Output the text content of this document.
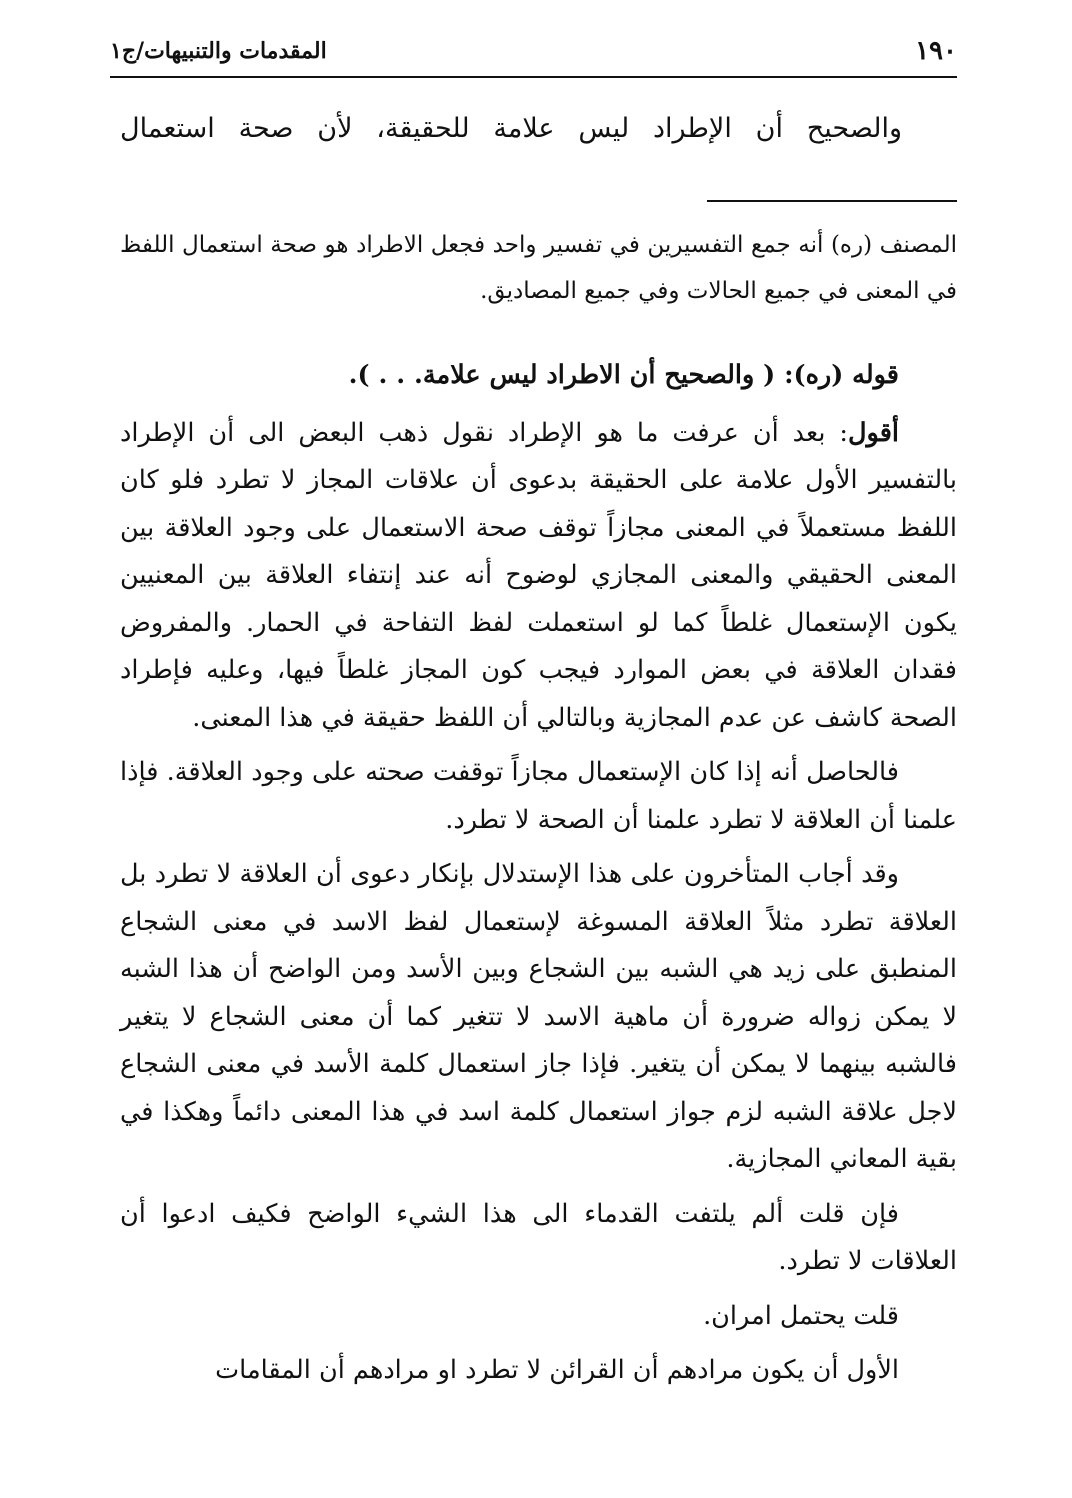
١٩٠
المقدمات والتنبيهات/ج١
والصحيح أن الإطراد ليس علامة للحقيقة، لأن صحة استعمال
المصنف (ره) أنه جمع التفسيرين في تفسير واحد فجعل الاطراد هو صحة استعمال اللفظ في المعنى في جميع الحالات وفي جميع المصاديق.

قوله (ره): ( والصحيح أن الاطراد ليس علامة. . . ).

أقول: بعد أن عرفت ما هو الإطراد نقول ذهب البعض الى أن الإطراد بالتفسير الأول علامة على الحقيقة بدعوى أن علاقات المجاز لا تطرد فلو كان اللفظ مستعملاً في المعنى مجازاً توقف صحة الاستعمال على وجود العلاقة بين المعنى الحقيقي والمعنى المجازي لوضوح أنه عند إنتفاء العلاقة بين المعنيين يكون الإستعمال غلطاً كما لو استعملت لفظ التفاحة في الحمار. والمفروض فقدان العلاقة في بعض الموارد فيجب كون المجاز غلطاً فيها، وعليه فإطراد الصحة كاشف عن عدم المجازية وبالتالي أن اللفظ حقيقة في هذا المعنى.

فالحاصل أنه إذا كان الإستعمال مجازاً توقفت صحته على وجود العلاقة. فإذا علمنا أن العلاقة لا تطرد علمنا أن الصحة لا تطرد.

وقد أجاب المتأخرون على هذا الإستدلال بإنكار دعوى أن العلاقة لا تطرد بل العلاقة تطرد مثلاً العلاقة المسوغة لإستعمال لفظ الاسد في معنى الشجاع المنطبق على زيد هي الشبه بين الشجاع وبين الأسد ومن الواضح أن هذا الشبه لا يمكن زواله ضرورة أن ماهية الاسد لا تتغير كما أن معنى الشجاع لا يتغير فالشبه بينهما لا يمكن أن يتغير. فإذا جاز استعمال كلمة الأسد في معنى الشجاع لاجل علاقة الشبه لزم جواز استعمال كلمة اسد في هذا المعنى دائماً وهكذا في بقية المعاني المجازية.

فإن قلت ألم يلتفت القدماء الى هذا الشيء الواضح فكيف ادعوا أن العلاقات لا تطرد.

قلت يحتمل امران.

الأول أن يكون مرادهم أن القرائن لا تطرد او مرادهم أن المقامات
